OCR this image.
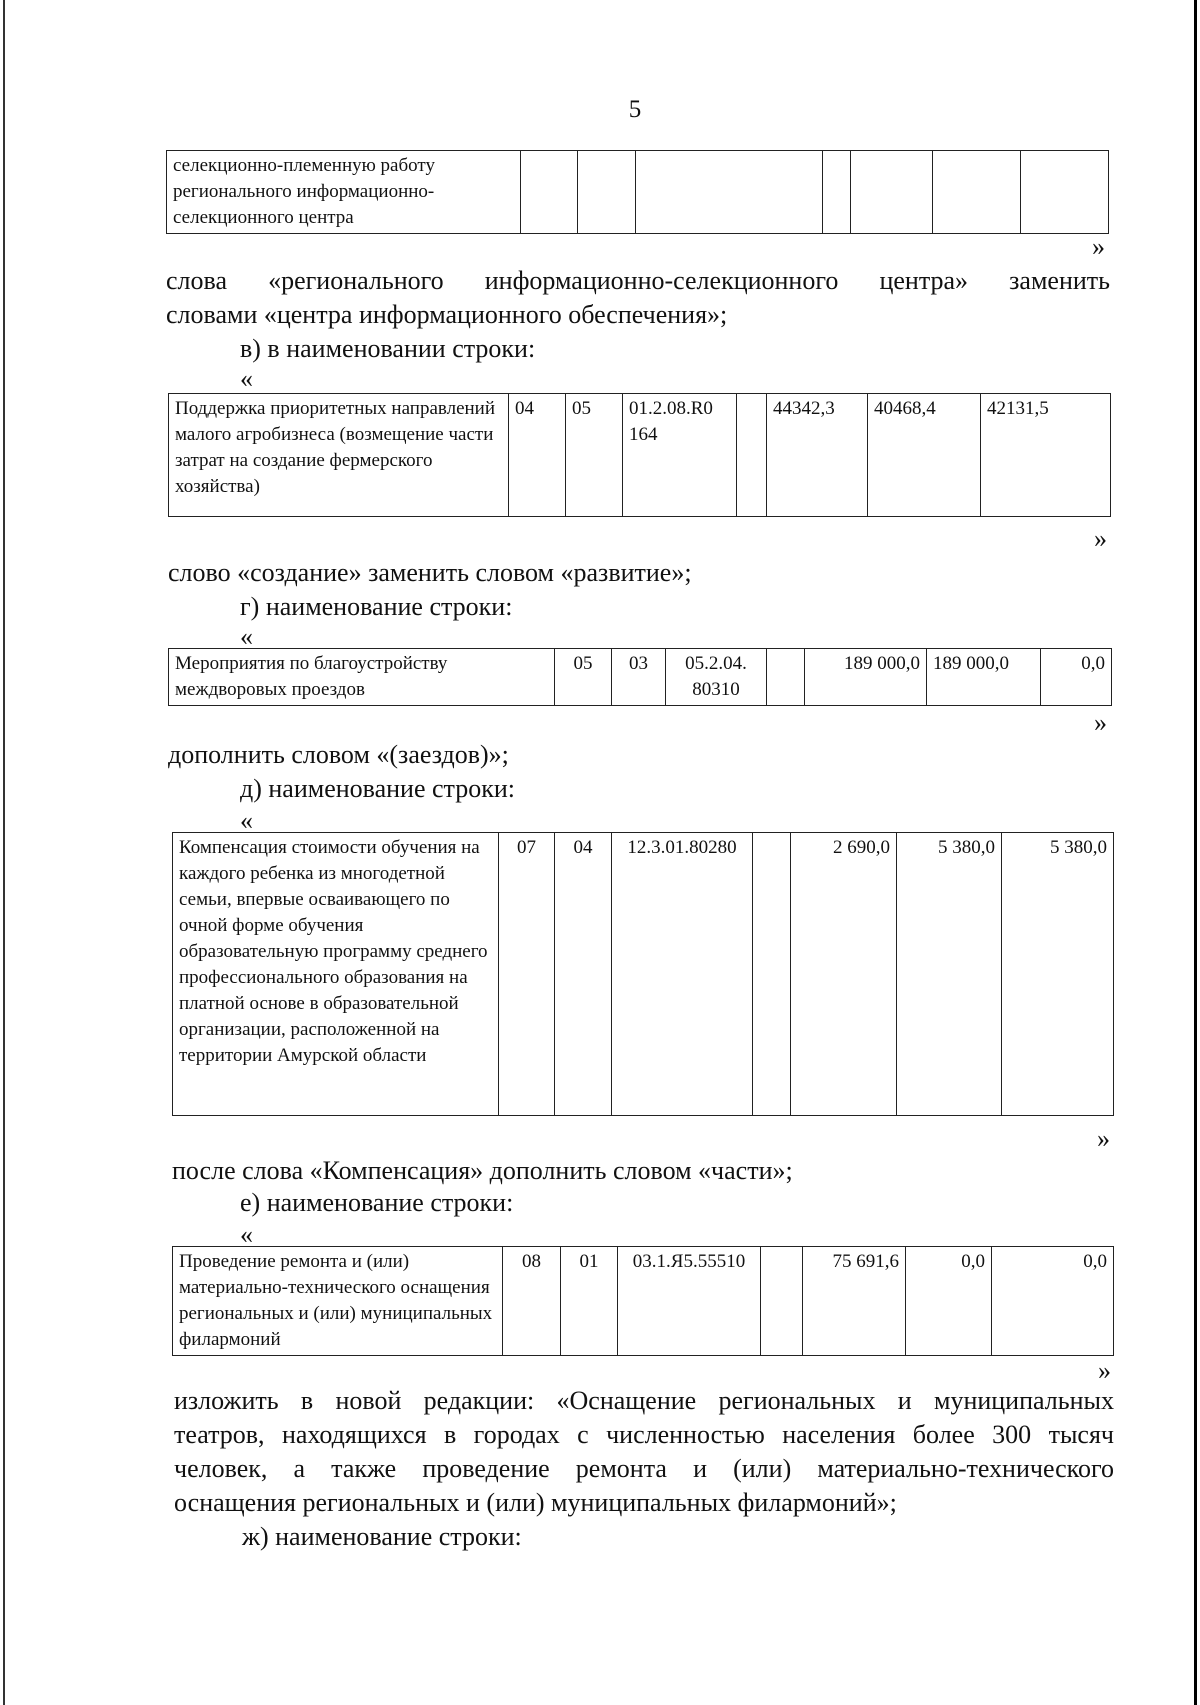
5
селекционно-племенную работу регионального информационно-селекционного центра							
»
слова «регионального информационно-селекционного центра» заменить
словами «центра информационного обеспечения»;
в) в наименовании строки:
«
Поддержка приоритетных направлений малого агробизнеса (возмещение части затрат на создание фермерского хозяйства)	04	05	01.2.08.R0 164		44342,3	40468,4	42131,5
»
слово «создание» заменить словом «развитие»;
г) наименование строки:
«
Мероприятия по благоустройству междворовых проездов	05	03	05.2.04. 80310		189 000,0	189 000,0	0,0
»
дополнить словом «(заездов)»;
д) наименование строки:
«
Компенсация стоимости обучения на каждого ребенка из многодетной семьи, впервые осваивающего по очной форме обучения образовательную программу среднего профессионального образования на платной основе в образовательной организации, расположенной на территории Амурской области	07	04	12.3.01.80280		2 690,0	5 380,0	5 380,0
»
после слова «Компенсация» дополнить словом «части»;
е) наименование строки:
«
Проведение ремонта и (или) материально-технического оснащения региональных и (или) муниципальных филармоний	08	01	03.1.Я5.55510		75 691,6	0,0	0,0
»
изложить в новой редакции: «Оснащение региональных и муниципальных
театров, находящихся в городах с численностью населения более 300 тысяч
человек, а также проведение ремонта и (или) материально-технического
оснащения региональных и (или) муниципальных филармоний»;
ж) наименование строки:
